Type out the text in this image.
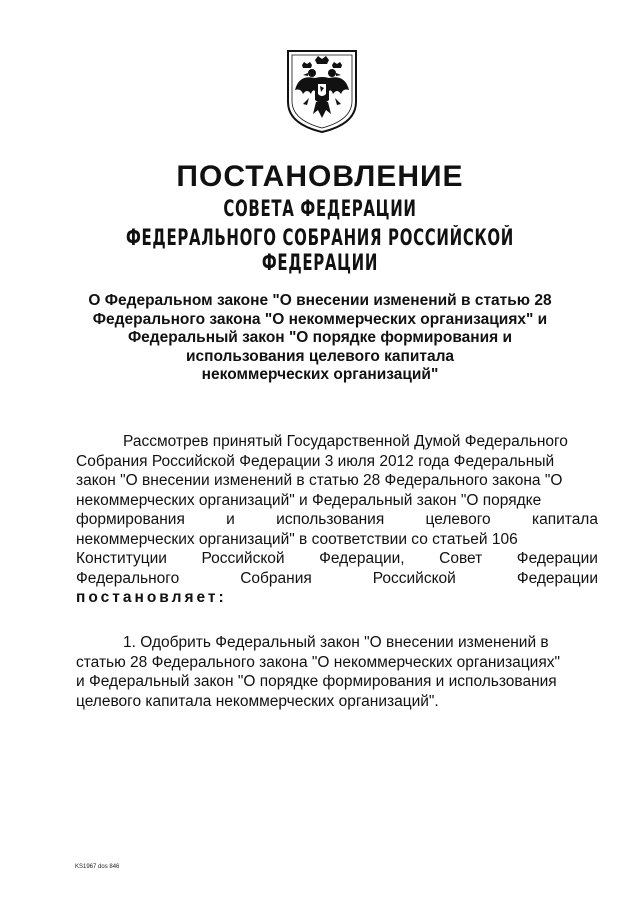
ПОСТАНОВЛЕНИЕ
СОВЕТА ФЕДЕРАЦИИ
ФЕДЕРАЛЬНОГО СОБРАНИЯ РОССИЙСКОЙ ФЕДЕРАЦИИ
О Федеральном законе "О внесении изменений в статью 28
Федерального закона "О некоммерческих организациях" и
Федеральный закон "О порядке формирования и
использования целевого капитала
некоммерческих организаций"
Рассмотрев принятый Государственной Думой Федерального
Собрания Российской Федерации 3 июля 2012 года Федеральный
закон "О внесении изменений в статью 28 Федерального закона "О
некоммерческих организаций" и Федеральный закон "О порядке
формирования	и	использования	целевого	капитала
некоммерческих организаций" в соответствии со статьей 106
Конституции Российской Федерации, Совет Федерации
Федерального	Собрания	Российской	Федерации
постановляет:
1. Одобрить Федеральный закон "О внесении изменений в
статью 28 Федерального закона "О некоммерческих организациях"
и Федеральный закон "О порядке формирования и использования
целевого капитала некоммерческих организаций".
KS1967 dos 846
